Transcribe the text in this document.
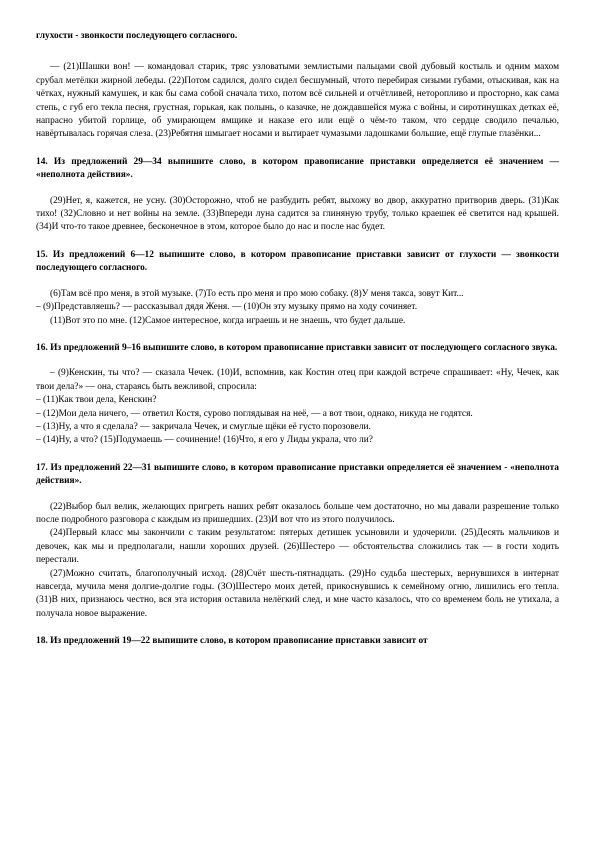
глухости - звонкости последующего согласного.

— (21)Шашки вон! — командовал старик, тряс узловатыми землистыми пальцами свой дубовый костыль и одним махом срубал метёлки жирной лебеды. (22)Потом садился, долго сидел бесшумный, чтото перебирая сизыми губами, отыскивая, как на чётках, нужный камушек, и как бы сама собой сначала тихо, потом всё сильней и отчётливей, неторопливо и просторно, как сама степь, с губ его текла песня, грустная, горькая, как полынь, о казачке, не дождавшейся мужа с войны, и сиротинушках детках её, напрасно убитой горлице, об умирающем ямщике и наказе его или ещё о чём-то таком, что сердце сводило печалью, навёртывалась горячая слеза. (23)Ребятня шмыгает носами и вытирает чумазыми ладошками большие, ещё глупые глазёнки...

14. Из предложений 29—34 выпишите слово, в котором правописание приставки определяется её значением — «неполнота действия».

(29)Нет, я, кажется, не усну. (30)Осторожно, чтоб не разбудить ребят, выхожу во двор, аккуратно притворив дверь. (31)Как тихо! (32)Словно и нет войны на земле. (33)Впереди луна садится за глиняную трубу, только краешек её светится над крышей. (34)И что-то такое древнее, бесконечное в этом, которое было до нас и после нас будет.

15. Из предложений 6—12 выпишите слово, в котором правописание приставки зависит от глухости — звонкости последующего согласного.

(6)Там всё про меня, в этой музыке. (7)То есть про меня и про мою собаку. (8)У меня такса, зовут Кит...

– (9)Представляешь? — рассказывал дядя Женя. — (10)Он эту музыку прямо на ходу сочиняет.

(11)Вот это по мне. (12)Самое интересное, когда играешь и не знаешь, что будет дальше.

16. Из предложений 9–16 выпишите слово, в котором правописание приставки зависит от последующего согласного звука.

– (9)Кенскин, ты что? — сказала Чечек. (10)И, вспомнив, как Костин отец при каждой встрече спрашивает: «Ну, Чечек, как твои дела?» — она, стараясь быть вежливой, спросила:

– (11)Как твои дела, Кенскин?

– (12)Мои дела ничего, — ответил Костя, сурово поглядывая на неё, — а вот твои, однако, никуда не годятся.

– (13)Ну, а что я сделала? — закричала Чечек, и смуглые щёки её густо порозовели.

– (14)Ну, а что? (15)Подумаешь — сочинение! (16)Что, я его у Лиды украла, что ли?

17. Из предложений 22—31 выпишите слово, в котором правописание приставки определяется её значением - «неполнота действия».

(22)Выбор был велик, желающих пригреть наших ребят оказалось больше чем достаточно, но мы давали разрешение только после подробного разговора с каждым из пришедших. (23)И вот что из этого получилось.

(24)Первый класс мы закончили с таким результатом: пятерых детишек усыновили и удочерили. (25)Десять мальчиков и девочек, как мы и предполагали, нашли хороших друзей. (26)Шестеро — обстоятельства сложились так — в гости ходить перестали.

(27)Можно считать, благополучный исход. (28)Счёт шесть-пятнадцать. (29)Но судьба шестерых, вернувшихся в интернат навсегда, мучила меня долгие-долгие годы. (ЗО)Шестеро моих детей, прикоснувшись к семейному огню, лишились его тепла. (31)В них, признаюсь честно, вся эта история оставила нелёгкий след, и мне часто казалось, что со временем боль не утихала, а получала новое выражение.

18. Из предложений 19—22 выпишите слово, в котором правописание приставки зависит от
